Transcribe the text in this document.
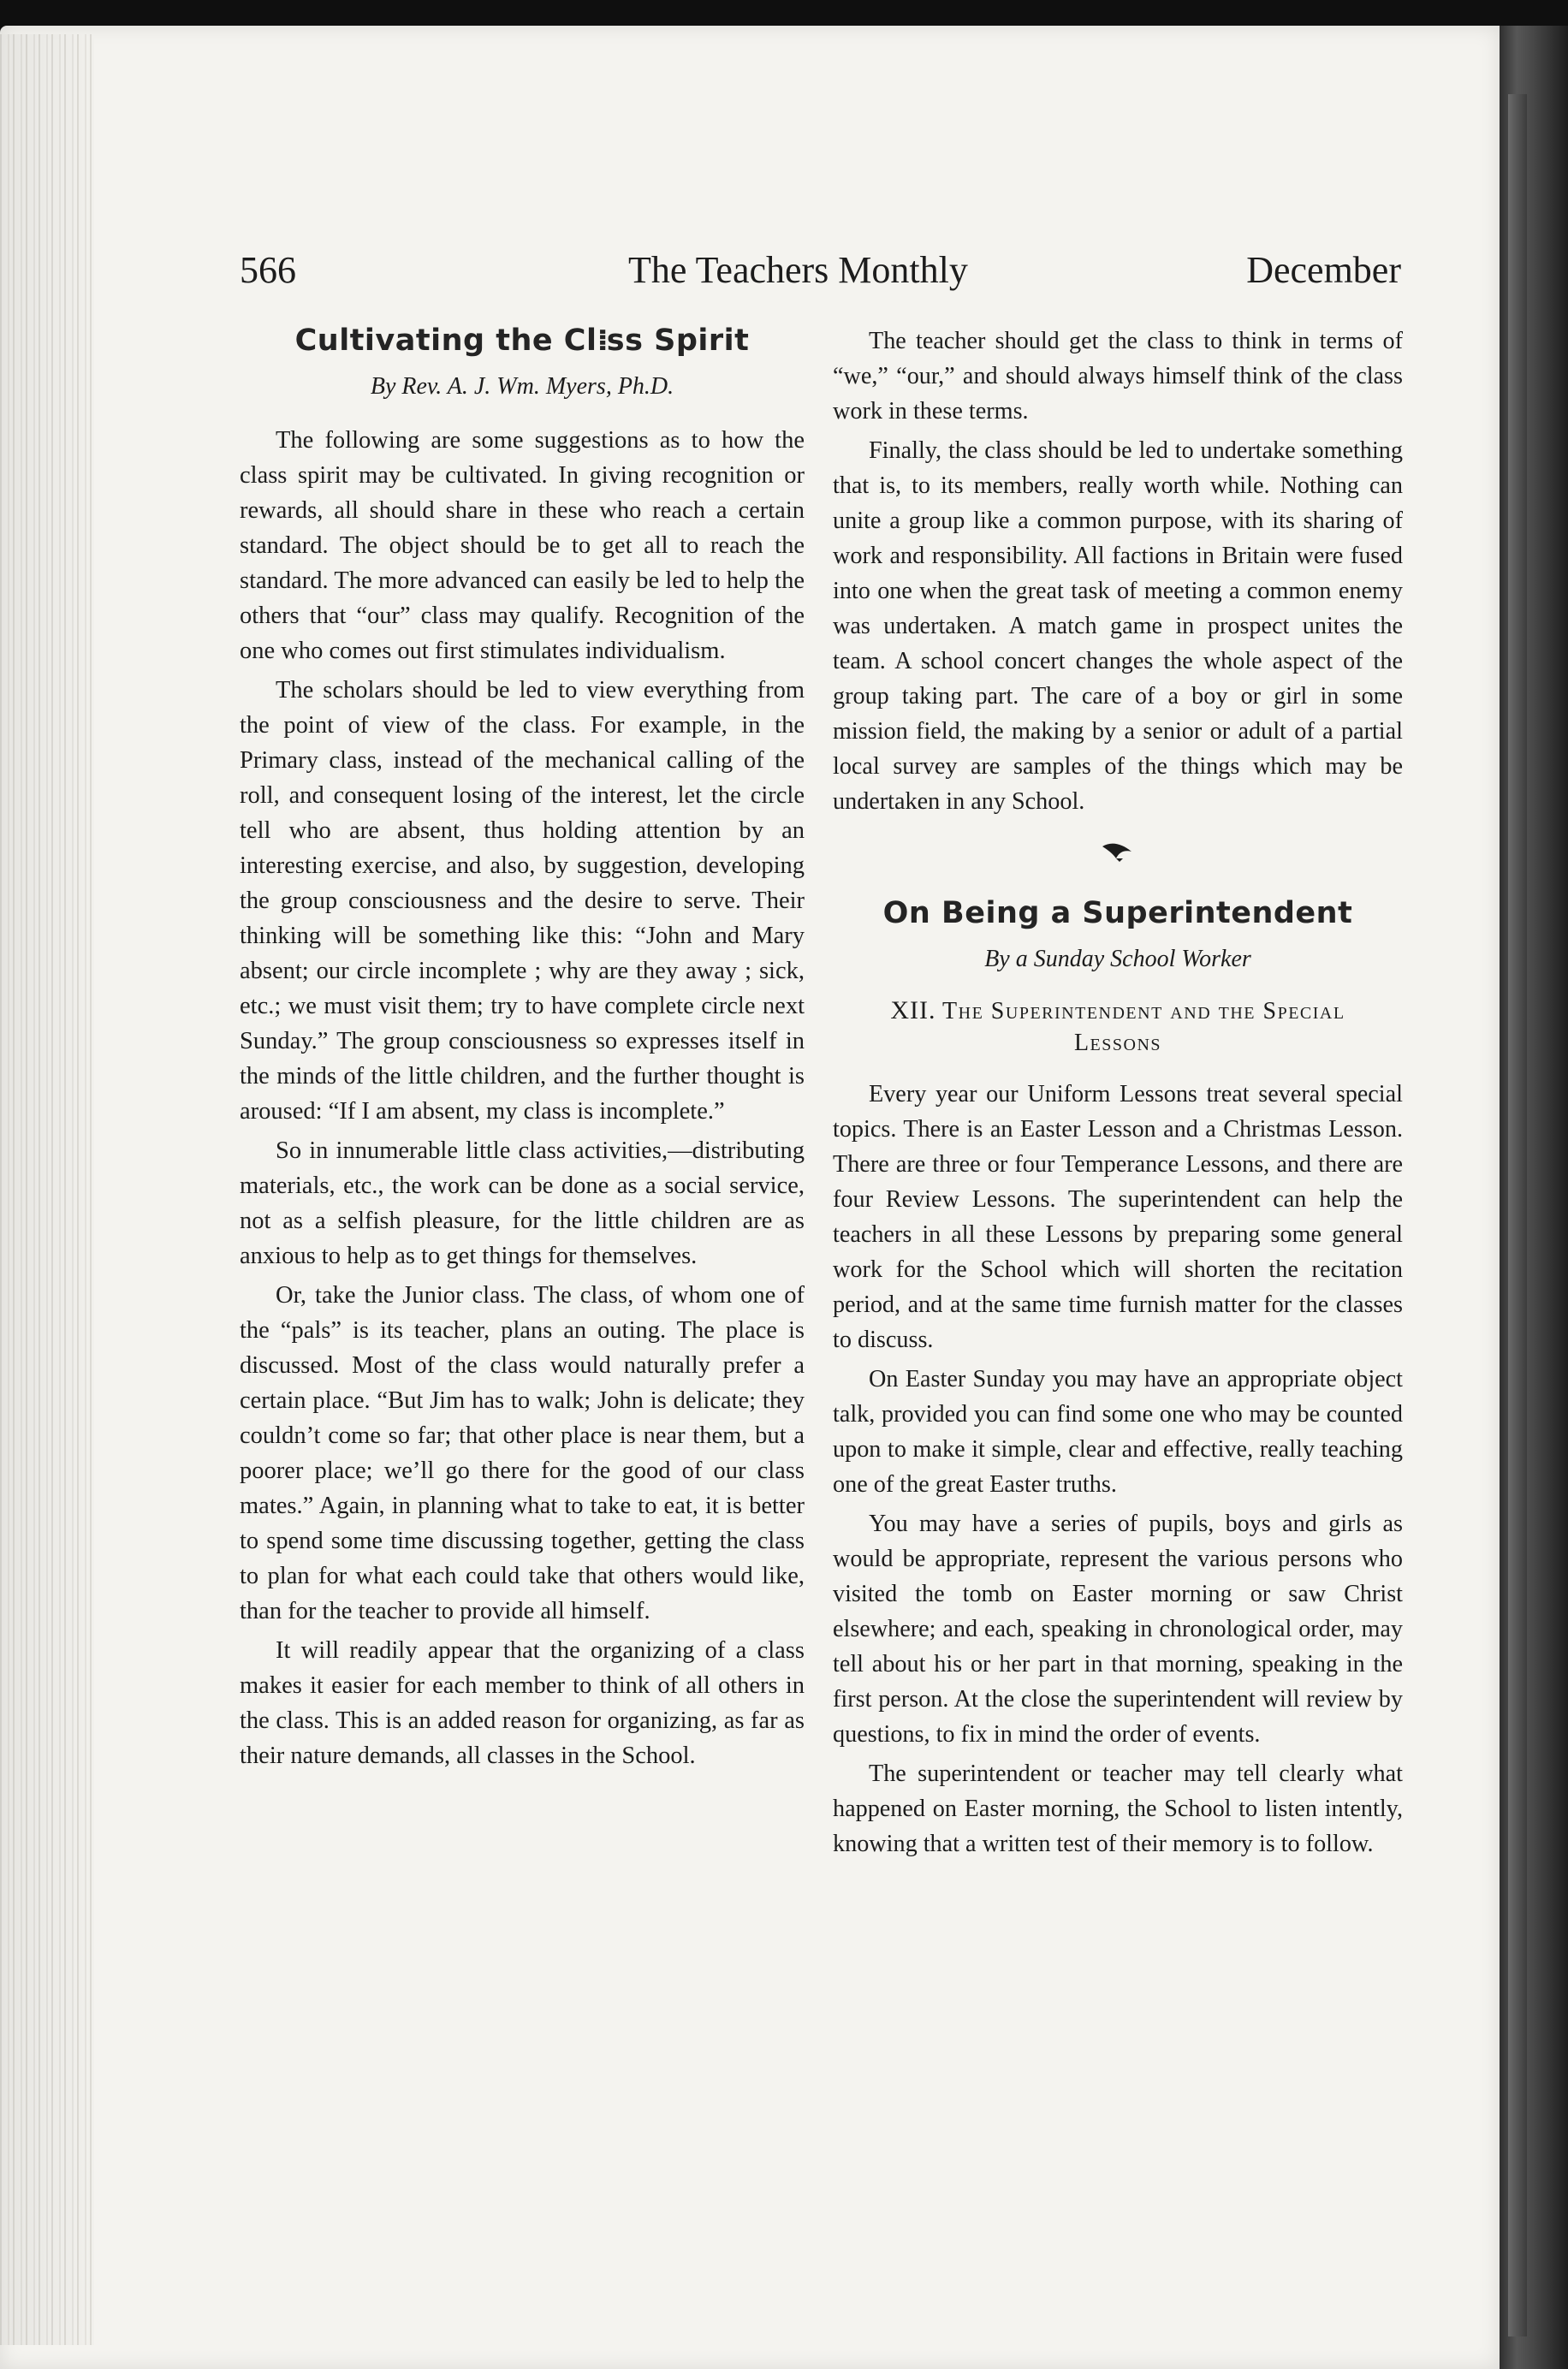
566	The Teachers Monthly	December
Cultivating the Cl⁞ss Spirit
By Rev. A. J. Wm. Myers, Ph.D.

The following are some suggestions as to how the class spirit may be cultivated. In giving recognition or rewards, all should share in these who reach a certain standard. The object should be to get all to reach the standard. The more advanced can easily be led to help the others that “our” class may qualify. Recognition of the one who comes out first stimulates individualism.

The scholars should be led to view everything from the point of view of the class. For example, in the Primary class, instead of the mechanical calling of the roll, and consequent losing of the interest, let the circle tell who are absent, thus holding attention by an interesting exercise, and also, by suggestion, developing the group consciousness and the desire to serve. Their thinking will be something like this: “John and Mary absent; our circle incomplete ; why are they away ; sick, etc.; we must visit them; try to have complete circle next Sunday.” The group consciousness so expresses itself in the minds of the little children, and the further thought is aroused: “If I am absent, my class is incomplete.”

So in innumerable little class activities,—distributing materials, etc., the work can be done as a social service, not as a selfish pleasure, for the little children are as anxious to help as to get things for themselves.

Or, take the Junior class. The class, of whom one of the “pals” is its teacher, plans an outing. The place is discussed. Most of the class would naturally prefer a certain place. “But Jim has to walk; John is delicate; they couldn’t come so far; that other place is near them, but a poorer place; we’ll go there for the good of our class mates.” Again, in planning what to take to eat, it is better to spend some time discussing together, getting the class to plan for what each could take that others would like, than for the teacher to provide all himself.

It will readily appear that the organizing of a class makes it easier for each member to think of all others in the class. This is an added reason for organizing, as far as their nature demands, all classes in the School.

The teacher should get the class to think in terms of “we,” “our,” and should always himself think of the class work in these terms.

Finally, the class should be led to undertake something that is, to its members, really worth while. Nothing can unite a group like a common purpose, with its sharing of work and responsibility. All factions in Britain were fused into one when the great task of meeting a common enemy was undertaken. A match game in prospect unites the team. A school concert changes the whole aspect of the group taking part. The care of a boy or girl in some mission field, the making by a senior or adult of a partial local survey are samples of the things which may be undertaken in any School.

On Being a Superintendent
By a Sunday School Worker
XII. The Superintendent and the Special
Lessons

Every year our Uniform Lessons treat several special topics. There is an Easter Lesson and a Christmas Lesson. There are three or four Temperance Lessons, and there are four Review Lessons. The superintendent can help the teachers in all these Lessons by preparing some general work for the School which will shorten the recitation period, and at the same time furnish matter for the classes to discuss.

On Easter Sunday you may have an appropriate object talk, provided you can find some one who may be counted upon to make it simple, clear and effective, really teaching one of the great Easter truths.

You may have a series of pupils, boys and girls as would be appropriate, represent the various persons who visited the tomb on Easter morning or saw Christ elsewhere; and each, speaking in chronological order, may tell about his or her part in that morning, speaking in the first person. At the close the superintendent will review by questions, to fix in mind the order of events.

The superintendent or teacher may tell clearly what happened on Easter morning, the School to listen intently, knowing that a written test of their memory is to follow.
